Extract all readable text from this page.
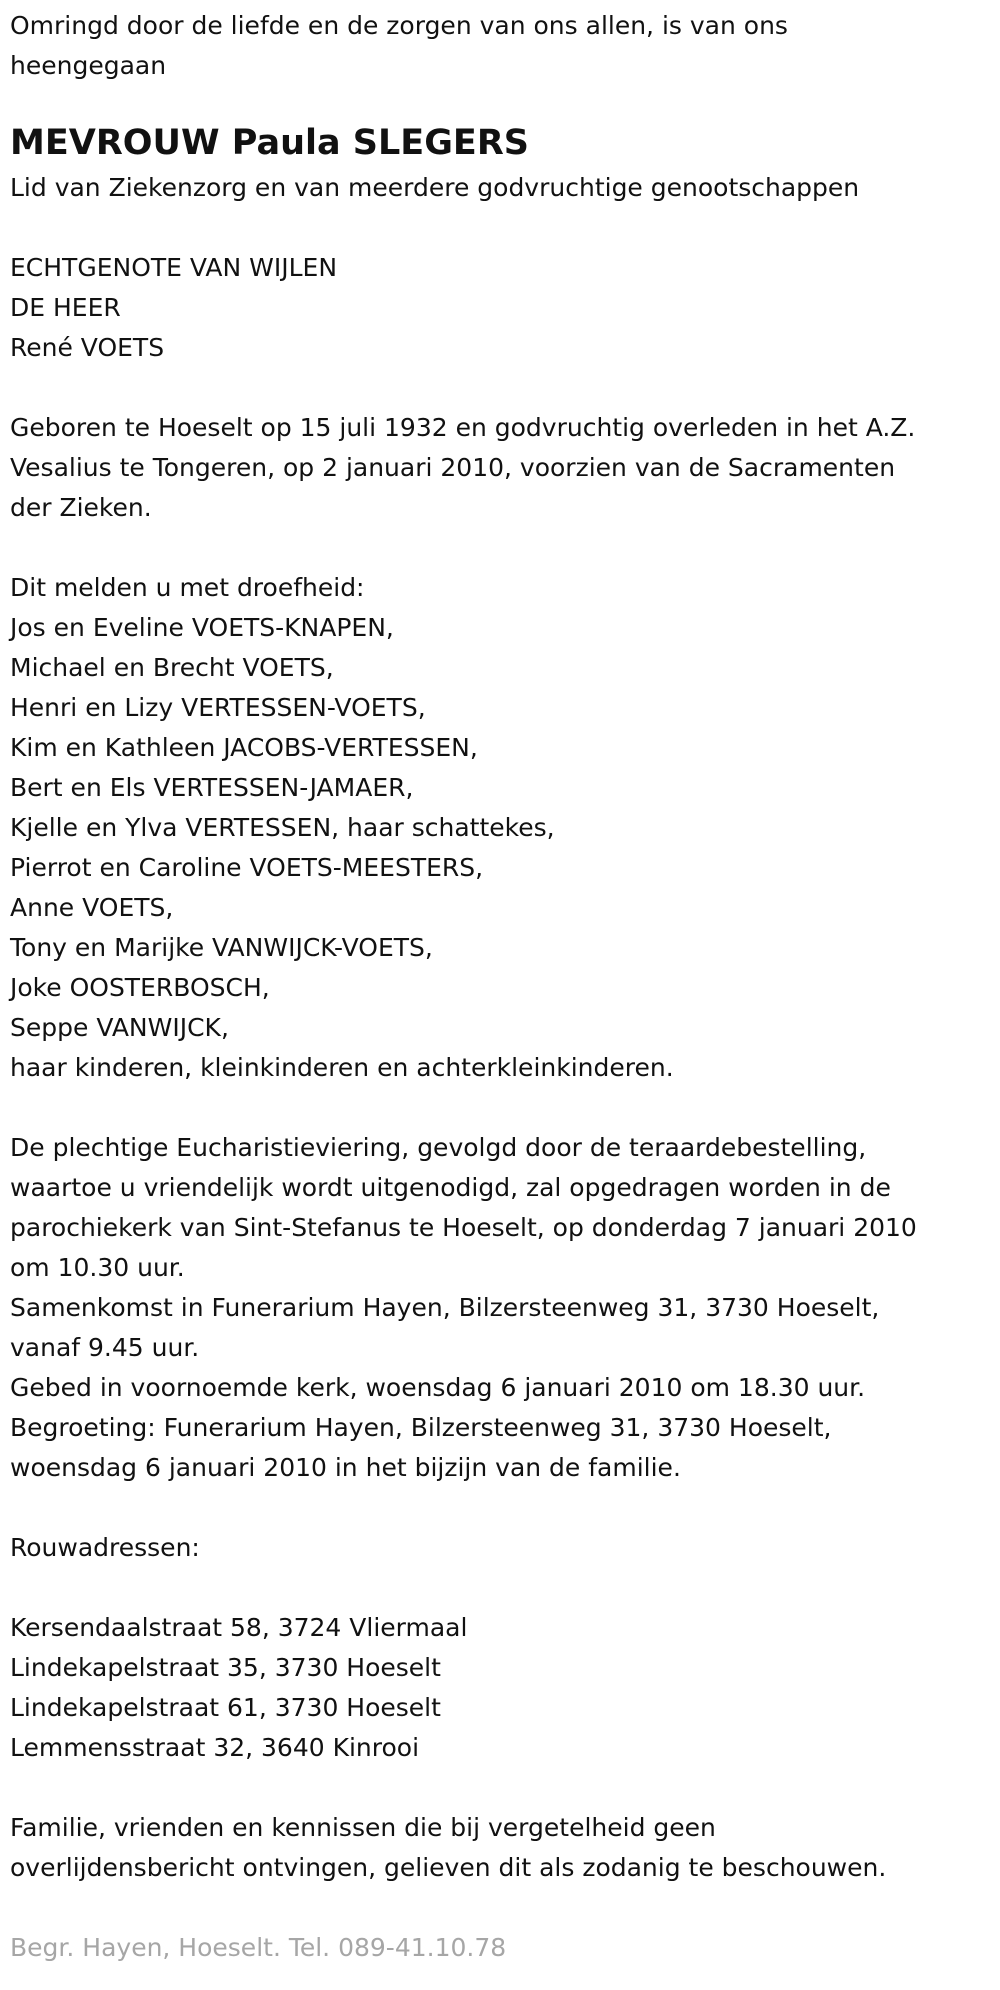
Omringd door de liefde en de zorgen van ons allen, is van ons
heengegaan
MEVROUW Paula SLEGERS
Lid van Ziekenzorg en van meerdere godvruchtige genootschappen
ECHTGENOTE VAN WIJLEN
DE HEER
René VOETS
Geboren te Hoeselt op 15 juli 1932 en godvruchtig overleden in het A.Z.
Vesalius te Tongeren, op 2 januari 2010, voorzien van de Sacramenten
der Zieken.
Dit melden u met droefheid:
Jos en Eveline VOETS-KNAPEN,
Michael en Brecht VOETS,
Henri en Lizy VERTESSEN-VOETS,
Kim en Kathleen JACOBS-VERTESSEN,
Bert en Els VERTESSEN-JAMAER,
Kjelle en Ylva VERTESSEN, haar schattekes,
Pierrot en Caroline VOETS-MEESTERS,
Anne VOETS,
Tony en Marijke VANWIJCK-VOETS,
Joke OOSTERBOSCH,
Seppe VANWIJCK,
haar kinderen, kleinkinderen en achterkleinkinderen.
De plechtige Eucharistieviering, gevolgd door de teraardebestelling,
waartoe u vriendelijk wordt uitgenodigd, zal opgedragen worden in de
parochiekerk van Sint-Stefanus te Hoeselt, op donderdag 7 januari 2010
om 10.30 uur.
Samenkomst in Funerarium Hayen, Bilzersteenweg 31, 3730 Hoeselt,
vanaf 9.45 uur.
Gebed in voornoemde kerk, woensdag 6 januari 2010 om 18.30 uur.
Begroeting: Funerarium Hayen, Bilzersteenweg 31, 3730 Hoeselt,
woensdag 6 januari 2010 in het bijzijn van de familie.
Rouwadressen:
Kersendaalstraat 58, 3724 Vliermaal
Lindekapelstraat 35, 3730 Hoeselt
Lindekapelstraat 61, 3730 Hoeselt
Lemmensstraat 32, 3640 Kinrooi
Familie, vrienden en kennissen die bij vergetelheid geen
overlijdensbericht ontvingen, gelieven dit als zodanig te beschouwen.
Begr. Hayen, Hoeselt. Tel. 089-41.10.78
